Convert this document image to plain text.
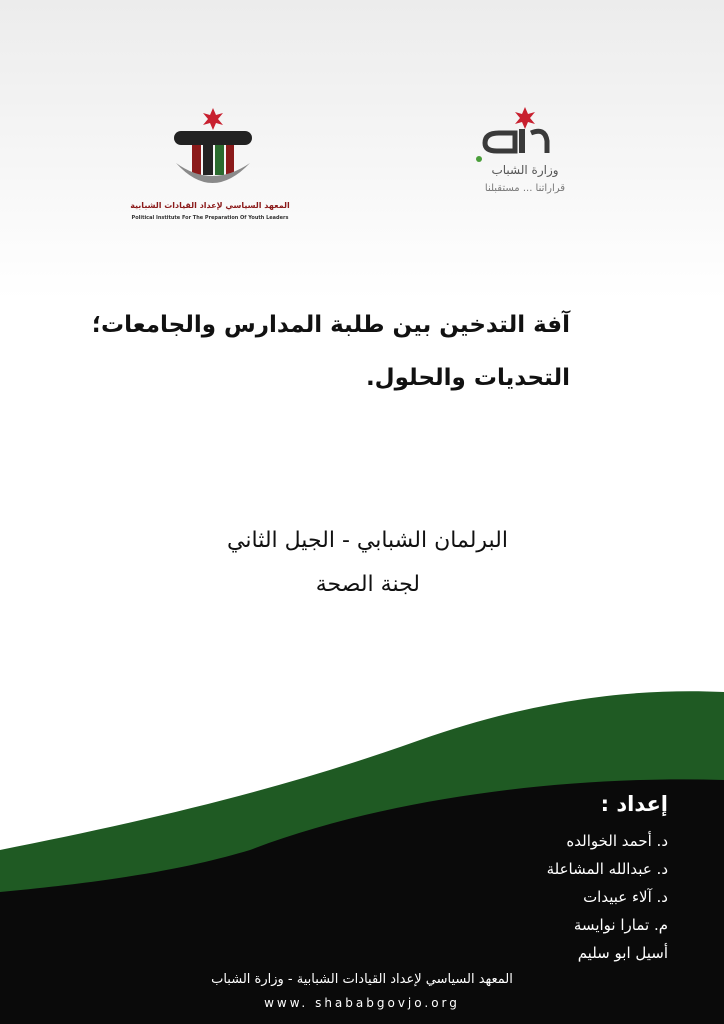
المعهد السياسي لإعداد القيادات الشبابية
Political Institute For The Preparation Of Youth Leaders
وزارة الشباب
قراراتنا ... مستقبلنا
آفة التدخين بين طلبة المدارس والجامعات؛
التحديات والحلول.
البرلمان الشبابي - الجيل الثاني
لجنة الصحة
إعداد :
د. أحمد الخوالده
د. عبدالله المشاعلة
د. آلاء عبيدات
م. تمارا نوايسة
أسيل ابو سليم
المعهد السياسي لإعداد القيادات الشبابية - وزارة الشباب
www. shababgovjo.org
